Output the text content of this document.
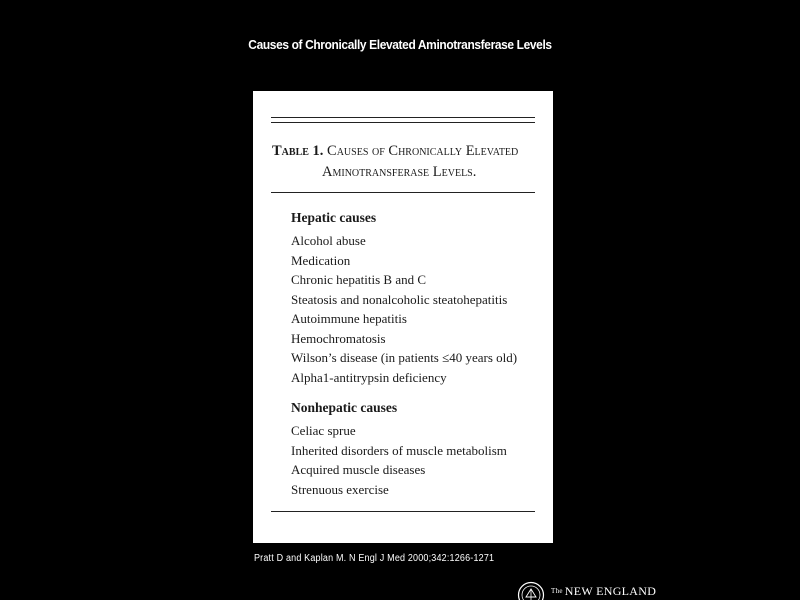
Causes of Chronically Elevated Aminotransferase Levels
Table 1. Causes of Chronically Elevated
Aminotransferase Levels.
Hepatic causes
Alcohol abuse
Medication
Chronic hepatitis B and C
Steatosis and nonalcoholic steatohepatitis
Autoimmune hepatitis
Hemochromatosis
Wilson’s disease (in patients ≤40 years old)
Alpha1-antitrypsin deficiency
Nonhepatic causes
Celiac sprue
Inherited disorders of muscle metabolism
Acquired muscle diseases
Strenuous exercise
Pratt D and Kaplan M. N Engl J Med 2000;342:1266-1271
The NEW ENGLAND
